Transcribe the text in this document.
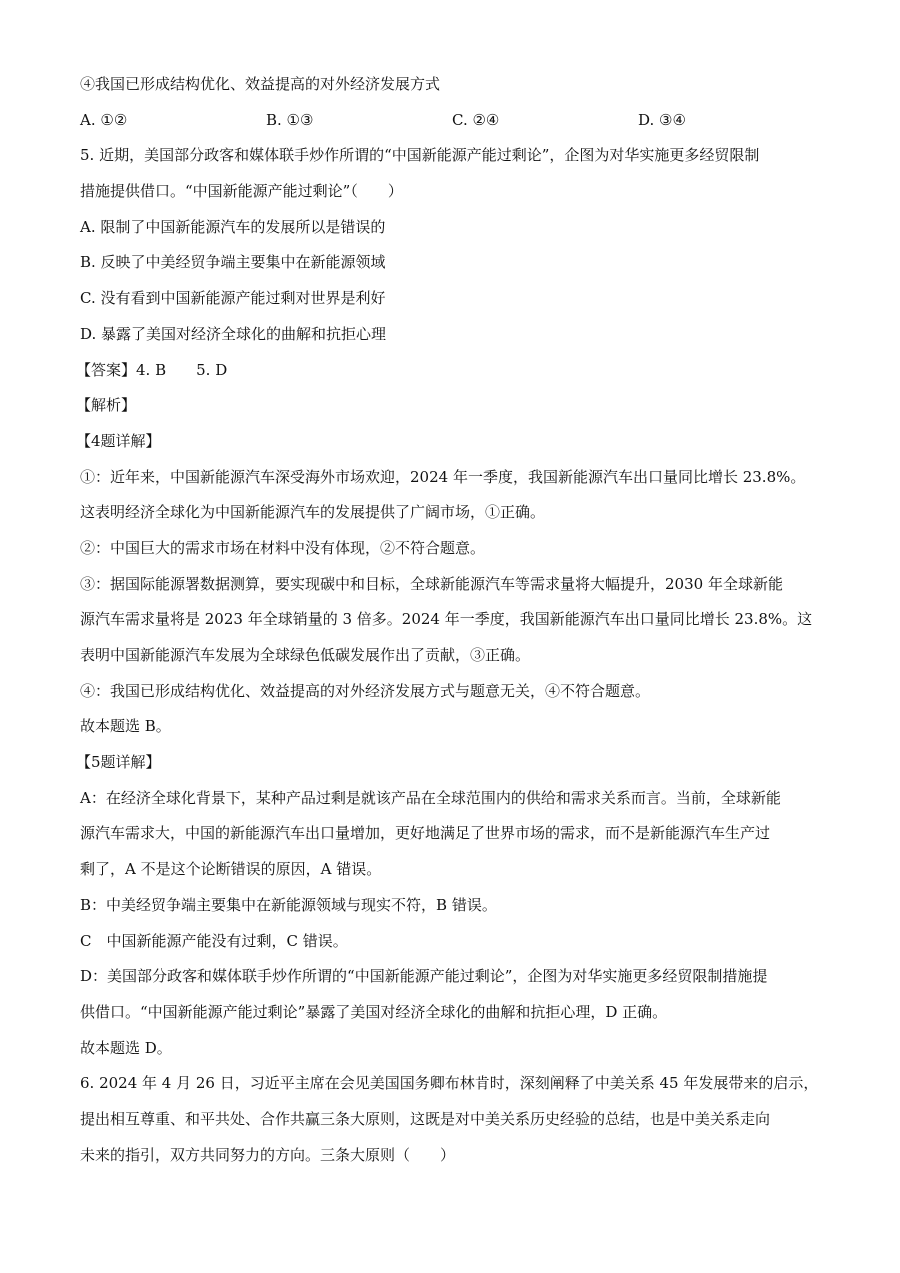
④我国已形成结构优化、效益提高的对外经济发展方式
A. ①②	B. ①③	C. ②④	D. ③④
5. 近期，美国部分政客和媒体联手炒作所谓的“中国新能源产能过剩论”，企图为对华实施更多经贸限制
措施提供借口。“中国新能源产能过剩论”（　　）
A. 限制了中国新能源汽车的发展所以是错误的
B. 反映了中美经贸争端主要集中在新能源领域
C. 没有看到中国新能源产能过剩对世界是利好
D. 暴露了美国对经济全球化的曲解和抗拒心理
【答案】4. B 5. D
【解析】
【4题详解】
①：近年来，中国新能源汽车深受海外市场欢迎，2024 年一季度，我国新能源汽车出口量同比增长 23.8%。
这表明经济全球化为中国新能源汽车的发展提供了广阔市场，①正确。
②：中国巨大的需求市场在材料中没有体现，②不符合题意。
③：据国际能源署数据测算，要实现碳中和目标，全球新能源汽车等需求量将大幅提升，2030 年全球新能
源汽车需求量将是 2023 年全球销量的 3 倍多。2024 年一季度，我国新能源汽车出口量同比增长 23.8%。这
表明中国新能源汽车发展为全球绿色低碳发展作出了贡献，③正确。
④：我国已形成结构优化、效益提高的对外经济发展方式与题意无关，④不符合题意。
故本题选 B。
【5题详解】
A：在经济全球化背景下，某种产品过剩是就该产品在全球范围内的供给和需求关系而言。当前，全球新能
源汽车需求大，中国的新能源汽车出口量增加，更好地满足了世界市场的需求，而不是新能源汽车生产过
剩了，A 不是这个论断错误的原因，A 错误。
B：中美经贸争端主要集中在新能源领域与现实不符，B 错误。
C　中国新能源产能没有过剩，C 错误。
D：美国部分政客和媒体联手炒作所谓的“中国新能源产能过剩论”，企图为对华实施更多经贸限制措施提
供借口。“中国新能源产能过剩论”暴露了美国对经济全球化的曲解和抗拒心理，D 正确。
故本题选 D。
6. 2024 年 4 月 26 日，习近平主席在会见美国国务卿布林肯时，深刻阐释了中美关系 45 年发展带来的启示，
提出相互尊重、和平共处、合作共赢三条大原则，这既是对中美关系历史经验的总结，也是中美关系走向
未来的指引，双方共同努力的方向。三条大原则（　　）
